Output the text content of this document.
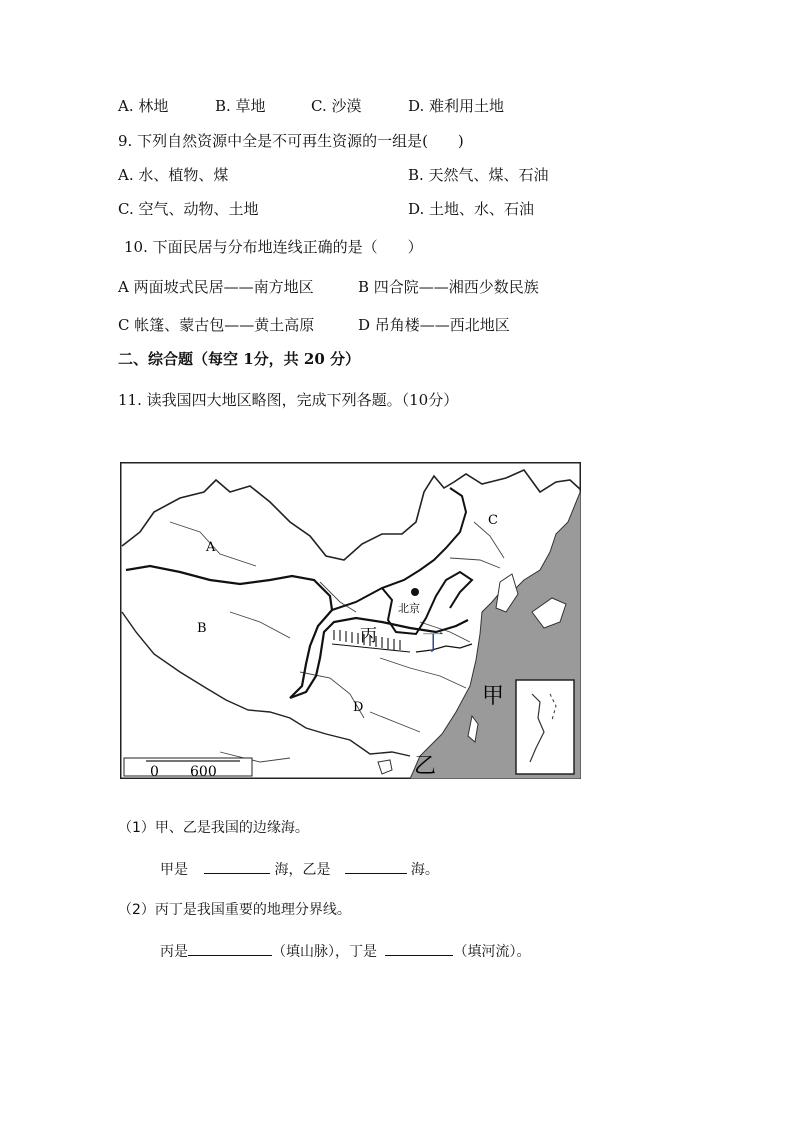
A. 林地	B. 草地	C. 沙漠	D. 难利用土地
9. 下列自然资源中全是不可再生资源的一组是(　　)
A. 水、植物、煤	B. 天然气、煤、石油
C. 空气、动物、土地	D. 土地、水、石油
10. 下面民居与分布地连线正确的是（　　）
A 两面坡式民居——南方地区	B 四合院——湘西少数民族
C 帐篷、蒙古包——黄土高原	D 吊角楼——西北地区
二、综合题（每空 1分，共 20 分）
11. 读我国四大地区略图，完成下列各题。（10分）
A
B
C
D
丙 丁
甲
乙
北京
0 600
（1）甲、乙是我国的边缘海。
甲是	海，乙是	海。
（2）丙丁是我国重要的地理分界线。
丙是	（填山脉），丁是	（填河流）。
